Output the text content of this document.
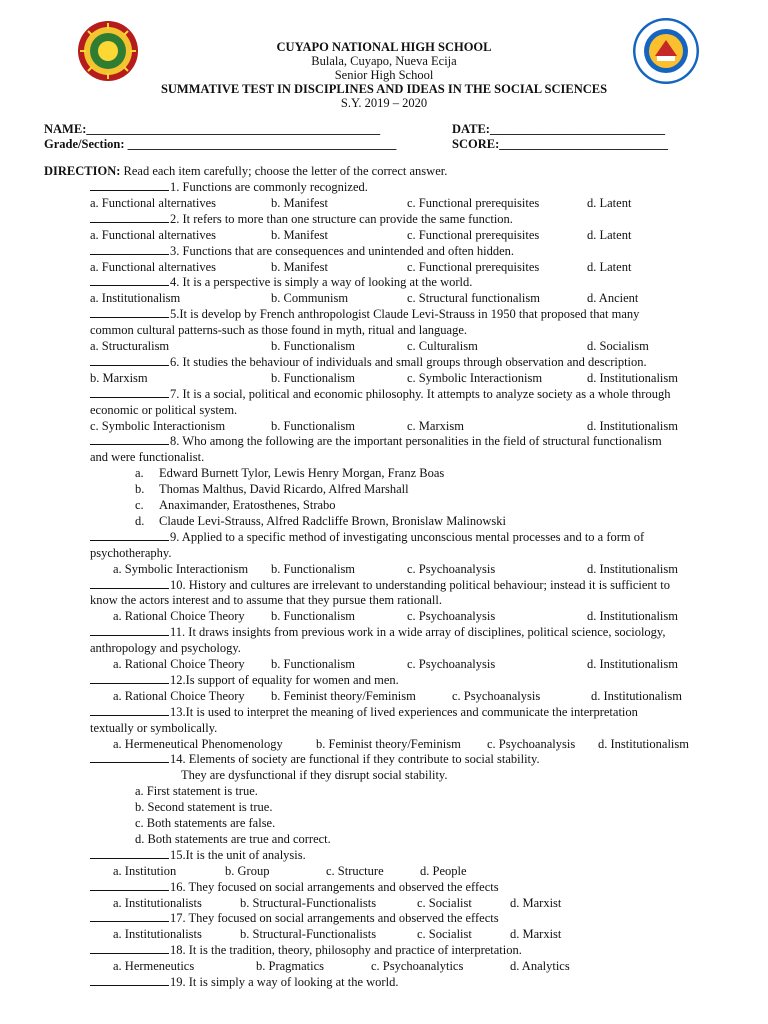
CUYAPO NATIONAL HIGH SCHOOL
Bulala, Cuyapo, Nueva Ecija
Senior High School
SUMMATIVE TEST IN DISCIPLINES AND IDEAS IN THE SOCIAL SCIENCES
S.Y. 2019 – 2020
NAME:_______________________________________________	DATE:____________________________
Grade/Section: ___________________________________________	SCORE:___________________________
DIRECTION: Read each item carefully; choose the letter of the correct answer.
1. Functions are commonly recognized.
a. Functional alternatives	b. Manifest	c. Functional prerequisites	d. Latent
2. It refers to more than one structure can provide the same function.
a. Functional alternatives	b. Manifest	c. Functional prerequisites	d. Latent
3. Functions that are consequences and unintended and often hidden.
a. Functional alternatives	b. Manifest	c. Functional prerequisites	d. Latent
4. It is a perspective is simply a way of looking at the world.
a. Institutionalism	b. Communism	c. Structural functionalism	d. Ancient
5.It is develop by French anthropologist Claude Levi-Strauss in 1950 that proposed that many
common cultural patterns-such as those found in myth, ritual and language.
a. Structuralism	b. Functionalism	c. Culturalism	d. Socialism
6. It studies the behaviour of individuals and small groups through observation and description.
b. Marxism	b. Functionalism	c. Symbolic Interactionism	d. Institutionalism
7. It is a social, political and economic philosophy. It attempts to analyze society as a whole through
economic or political system.
c. Symbolic Interactionism	b. Functionalism	c. Marxism	d. Institutionalism
8. Who among the following are the important personalities in the field of structural functionalism
and were functionalist.
a. Edward Burnett Tylor, Lewis Henry Morgan, Franz Boas
b. Thomas Malthus, David Ricardo, Alfred Marshall
c. Anaximander, Eratosthenes, Strabo
d. Claude Levi-Strauss, Alfred Radcliffe Brown, Bronislaw Malinowski
9. Applied to a specific method of investigating unconscious mental processes and to a form of
psychotheraphy.
a. Symbolic Interactionism b. Functionalism	c. Psychoanalysis	d. Institutionalism
10. History and cultures are irrelevant to understanding political behaviour; instead it is sufficient to
know the actors interest and to assume that they pursue them rationall.
a. Rational Choice Theory b. Functionalism	c. Psychoanalysis	d. Institutionalism
11. It draws insights from previous work in a wide array of disciplines, political science, sociology,
anthropology and psychology.
a. Rational Choice Theory b. Functionalism	c. Psychoanalysis	d. Institutionalism
12.Is support of equality for women and men.
a. Rational Choice Theory b. Feminist theory/Feminism	c. Psychoanalysis	d. Institutionalism
13.It is used to interpret the meaning of lived experiences and communicate the interpretation
textually or symbolically.
a. Hermeneutical Phenomenology	b. Feminist theory/Feminism c. Psychoanalysis d. Institutionalism
14. Elements of society are functional if they contribute to social stability.
They are dysfunctional if they disrupt social stability.
a. First statement is true.
b. Second statement is true.
c. Both statements are false.
d. Both statements are true and correct.
15.It is the unit of analysis.
a. Institution	b. Group	c. Structure	d. People
16. They focused on social arrangements and observed the effects
a. Institutionalists	b. Structural-Functionalists	c. Socialist	d. Marxist
17. They focused on social arrangements and observed the effects
a. Institutionalists	b. Structural-Functionalists	c. Socialist	d. Marxist
18. It is the tradition, theory, philosophy and practice of interpretation.
a. Hermeneutics	b. Pragmatics	c. Psychoanalytics	d. Analytics
19. It is simply a way of looking at the world.
